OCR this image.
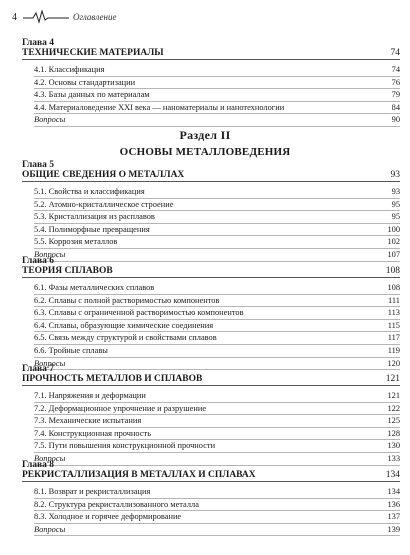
4	Оглавление
Глава 4
ТЕХНИЧЕСКИЕ МАТЕРИАЛЫ	74
4.1. Классификация	74
4.2. Основы стандартизации	76
4.3. Базы данных по материалам	79
4.4. Материаловедение XXI века — наноматериалы и нанотехнологии	84
Вопросы	90
Раздел II
ОСНОВЫ МЕТАЛЛОВЕДЕНИЯ
Глава 5
ОБЩИЕ СВЕДЕНИЯ О МЕТАЛЛАХ	93
5.1. Свойства и классификация	93
5.2. Атомно-кристаллическое строение	95
5.3. Кристаллизация из расплавов	95
5.4. Полиморфные превращения	100
5.5. Коррозия металлов	102
Вопросы	107
Глава 6
ТЕОРИЯ СПЛАВОВ	108
6.1. Фазы металлических сплавов	108
6.2. Сплавы с полной растворимостью компонентов	111
6.3. Сплавы с ограниченной растворимостью компонентов	113
6.4. Сплавы, образующие химические соединения	115
6.5. Связь между структурой и свойствами сплавов	117
6.6. Тройные сплавы	119
Вопросы	120
Глава 7
ПРОЧНОСТЬ МЕТАЛЛОВ И СПЛАВОВ	121
7.1. Напряжения и деформации	121
7.2. Деформационное упрочнение и разрушение	122
7.3. Механические испытания	125
7.4. Конструкционная прочность	128
7.5. Пути повышения конструкционной прочности	130
Вопросы	133
Глава 8
РЕКРИСТАЛЛИЗАЦИЯ В МЕТАЛЛАХ И СПЛАВАХ	134
8.1. Возврат и рекристаллизация	134
8.2. Структура рекристаллизованного металла	136
8.3. Холодное и горячее деформирование	137
Вопросы	139
